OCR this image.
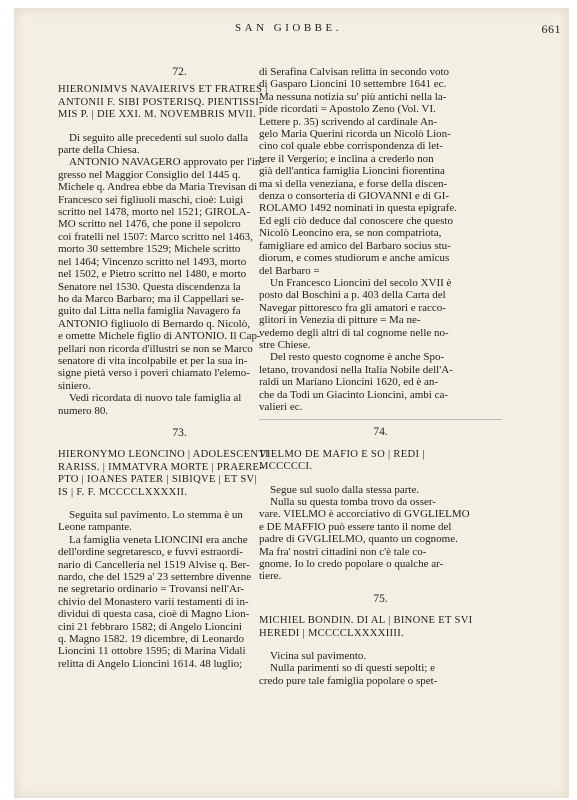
SAN GIOBBE.	661

72.

HIERONIMVS NAVAIERIVS ET FRATRES |

ANTONII F. SIBI POSTERISQ. PIENTISSI-

MIS P. | DIE XXI. M. NOVEMBRIS MVII.

Di seguito alle precedenti sul suolo dalla

parte della Chiesa.

ANTONIO NAVAGERO approvato per l'in-

gresso nel Maggior Consiglio del 1445 q.

Michele q. Andrea ebbe da Maria Trevisan di

Francesco sei figliuoli maschi, cioè: Luigi

scritto nel 1478, morto nel 1521; GIROLA-

MO scritto nel 1476, che pone il sepolcro

coi fratelli nel 1507: Marco scritto nel 1463,

morto 30 settembre 1529; Michele scritto

nel 1464; Vincenzo scritto nel 1493, morto

nel 1502, e Pietro scritto nel 1480, e morto

Senatore nel 1530. Questa discendenza la

ho da Marco Barbaro; ma il Cappellari se-

guito dal Litta nella famiglia Navagero fa

ANTONIO figliuolo di Bernardo q. Nicolò,

e omette Michele figlio di ANTONIO. Il Cap-

pellari non ricorda d'illustri se non se Marco

senatore di vita incolpabile et per la sua in-

signe pietà verso i poveri chiamato l'elemo-

siniero.

Vedi ricordata di nuovo tale famiglia al

numero 80.

73.

HIERONYMO LEONCINO | ADOLESCENTI

RARISS. | IMMATVRA MORTE | PRAERE-

PTO | IOANES PATER | SIBIQVE | ET SV|

IS | F. F. MCCCCLXXXXII.

Seguita sul pavimento. Lo stemma è un

Leone rampante.

La famiglia veneta LIONCINI era anche

dell'ordine segretaresco, e fuvvi estraordi-

nario di Cancelleria nel 1519 Alvise q. Ber-

nardo, che del 1529 a' 23 settembre divenne

ne segretario ordinario = Trovansi nell'Ar-

chivio del Monastero varii testamenti di in-

dividui di questa casa, cioè di Magno Lion-

cini 21 febbraro 1582; di Angelo Lioncini

q. Magno 1582. 19 dicembre, di Leonardo

Lioncini 11 ottobre 1595; di Marina Vidali

relitta di Angelo Lioncini 1614. 48 luglio;

di Serafina Calvisan relitta in secondo voto

di Gasparo Lioncini 10 settembre 1641 ec.

Ma nessuna notizia su' più antichi nella la-

pide ricordati = Apostolo Zeno (Vol. VI.

Lettere p. 35) scrivendo al cardinale An-

gelo Maria Querini ricorda un Nicolò Lion-

cino col quale ebbe corrispondenza di let-

tere il Vergerio; e inclina a crederlo non

già dell'antica famiglia Lioncini fiorentina

ma si della veneziana, e forse della discen-

denza o consorteria di GIOVANNI e di GI-

ROLAMO 1492 nominati in questa epigrafe.

Ed egli ciò deduce dal conoscere che questo

Nicolò Leoncino era, se non compatriota,

famigliare ed amico del Barbaro socius stu-

diorum, e comes studiorum e anche amicus

del Barbaro =

Un Francesco Lioncini del secolo XVII è

posto dal Boschini a p. 403 della Carta del

Navegar pittoresco fra gli amatori e racco-

glitori in Venezia di pitture = Ma ne-

vedemo degli altri di tal cognome nelle no-

stre Chiese.

Del resto questo cognome è anche Spo-

letano, trovandosi nella Italia Nobile dell'A-

raldi un Mariano Lioncini 1620, ed è an-

che da Todi un Giacinto Lioncini, ambi ca-

valieri ec.

74.

VIELMO DE MAFIO E SO | REDI |

MCCCCCI.

Segue sul suolo dalla stessa parte.

Nulla su questa tomba trovo da osser-

vare. VIELMO è accorciativo di GVGLIELMO

e DE MAFFIO può essere tanto il nome del

padre di GVGLIELMO, quanto un cognome.

Ma fra' nostri cittadini non c'è tale co-

gnome. Io lo credo popolare o qualche ar-

tiere.

75.

MICHIEL BONDIN. DI AL | BINONE ET SVI

HEREDI | MCCCCLXXXXIIII.

Vicina sul pavimento.

Nulla parimenti so di questi sepolti; e

credo pure tale famiglia popolare o spet-
